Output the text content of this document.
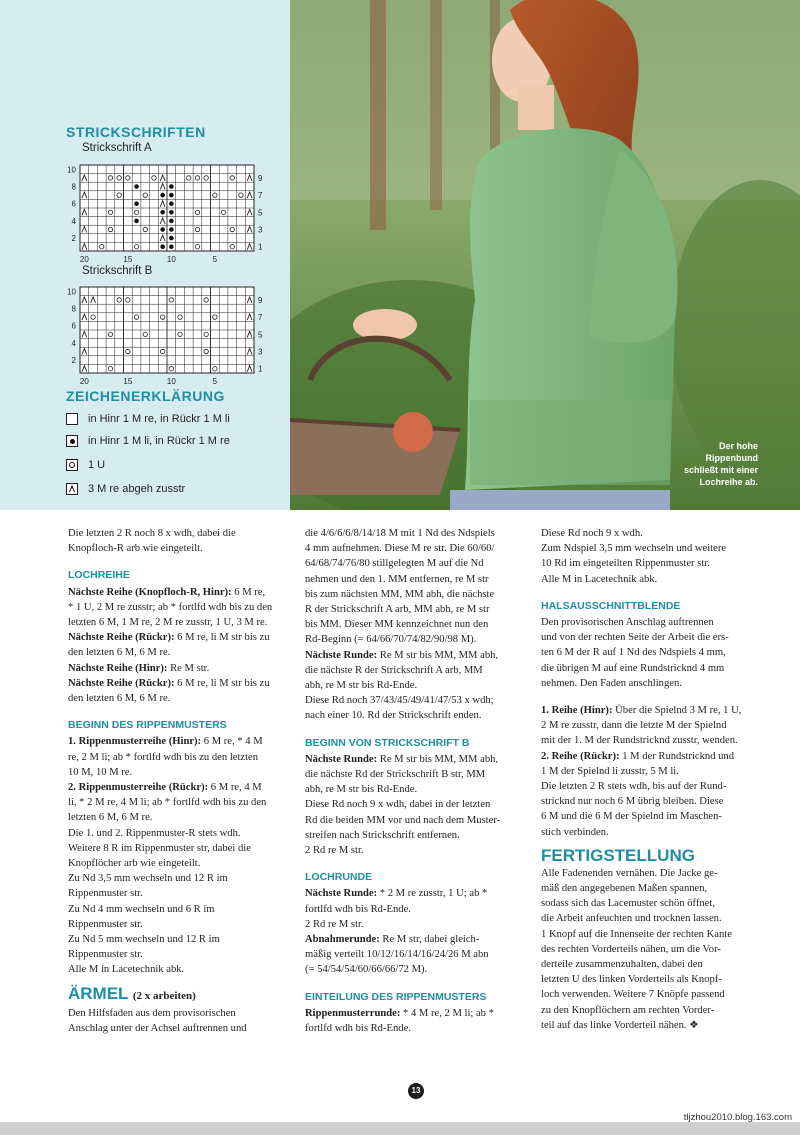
STRICKSCHRIFTEN
Strickschrift A
10
8
6
4
2
9
7
5
3
1
20	15	10	5
Strickschrift B
10
8
6
4
2
9
7
5
3
1
20	15	10	5
ZEICHENERKLÄRUNG
in Hinr 1 M re, in Rückr 1 M li
in Hinr 1 M li, in Rückr 1 M re
1 U
3 M re abgeh zusstr
Der hohe
Rippenbund
schließt mit einer
Lochreihe ab.

Die letzten 2 R noch 8 x wdh, dabei die

Knopfloch-R arb wie eingeteilt.

LOCHREIHE

Nächste Reihe (Knopfloch-R, Hinr): 6 M re,

* 1 U, 2 M re zusstr; ab * fortlfd wdh bis zu den

letzten 6 M, 1 M re, 2 M re zusstr, 1 U, 3 M re.

Nächste Reihe (Rückr): 6 M re, li M str bis zu

den letzten 6 M, 6 M re.

Nächste Reihe (Hinr): Re M str.

Nächste Reihe (Rückr): 6 M re, li M str bis zu

den letzten 6 M, 6 M re.

BEGINN DES RIPPENMUSTERS

1. Rippenmusterreihe (Hinr): 6 M re, * 4 M

re, 2 M li; ab * fortlfd wdh bis zu den letzten

10 M, 10 M re.

2. Rippenmusterreihe (Rückr): 6 M re, 4 M

li, * 2 M re, 4 M li; ab * fortlfd wdh bis zu den

letzten 6 M, 6 M re.

Die 1. und 2. Rippenmuster-R stets wdh.

Weitere 8 R im Rippenmuster str, dabei die

Knopflöcher arb wie eingeteilt.

Zu Nd 3,5 mm wechseln und 12 R im

Rippenmuster str.

Zu Nd 4 mm wechseln und 6 R im

Rippenmuster str.

Zu Nd 5 mm wechseln und 12 R im

Rippenmuster str.

Alle M in Lacetechnik abk.

ÄRMEL (2 x arbeiten)

Den Hilfsfaden aus dem provisorischen

Anschlag unter der Achsel auftrennen und

die 4/6/6/6/8/14/18 M mit 1 Nd des Ndspiels

4 mm aufnehmen. Diese M re str. Die 60/60/

64/68/74/76/80 stillgelegten M auf die Nd

nehmen und den 1. MM entfernen, re M str

bis zum nächsten MM, MM abh, die nächste

R der Strickschrift A arb, MM abh, re M str

bis MM. Dieser MM kennzeichnet nun den

Rd-Beginn (= 64/66/70/74/82/90/98 M).

Nächste Runde: Re M str bis MM, MM abh,

die nächste R der Strickschrift A arb, MM

abh, re M str bis Rd-Ende.

Diese Rd noch 37/43/45/49/41/47/53 x wdh;

nach einer 10. Rd der Strickschrift enden.

BEGINN VON STRICKSCHRIFT B

Nächste Runde: Re M str bis MM, MM abh,

die nächste Rd der Strickschrift B str, MM

abh, re M str bis Rd-Ende.

Diese Rd noch 9 x wdh, dabei in der letzten

Rd die beiden MM vor und nach dem Muster-

streifen nach Strickschrift entfernen.

2 Rd re M str.

LOCHRUNDE

Nächste Runde: * 2 M re zusstr, 1 U; ab *

fortlfd wdh bis Rd-Ende.

2 Rd re M str.

Abnahmerunde: Re M str, dabei gleich-

mäßig verteilt 10/12/16/14/16/24/26 M abn

(= 54/54/54/60/66/66/72 M).

EINTEILUNG DES RIPPENMUSTERS

Rippenmusterrunde: * 4 M re, 2 M li; ab *

fortlfd wdh bis Rd-Ende.

Diese Rd noch 9 x wdh.

Zum Ndspiel 3,5 mm wechseln und weitere

10 Rd im eingeteilten Rippenmuster str.

Alle M in Lacetechnik abk.

HALSAUSSCHNITTBLENDE

Den provisorischen Anschlag auftrennen

und von der rechten Seite der Arbeit die ers-

ten 6 M der R auf 1 Nd des Ndspiels 4 mm,

die übrigen M auf eine Rundstricknd 4 mm

nehmen. Den Faden anschlingen.

1. Reihe (Hinr): Über die Spielnd 3 M re, 1 U,

2 M re zusstr, dann die letzte M der Spielnd

mit der 1. M der Rundstricknd zusstr, wenden.

2. Reihe (Rückr): 1 M der Rundstricknd und

1 M der Spielnd li zusstr, 5 M li.

Die letzten 2 R stets wdh, bis auf der Rund-

stricknd nur noch 6 M übrig bleiben. Diese

6 M und die 6 M der Spielnd im Maschen-

stich verbinden.

FERTIGSTELLUNG

Alle Fadenenden vernähen. Die Jacke ge-

mäß den angegebenen Maßen spannen,

sodass sich das Lacemuster schön öffnet,

die Arbeit anfeuchten und trocknen lassen.

1 Knopf auf die Innenseite der rechten Kante

des rechten Vorderteils nähen, um die Vor-

derteile zusammenzuhalten, dabei den

letzten U des linken Vorderteils als Knopf-

loch verwenden. Weitere 7 Knöpfe passend

zu den Knopflöchern am rechten Vorder-

teil auf das linke Vorderteil nähen. ❖

13
tljzhou2010.blog.163.com
